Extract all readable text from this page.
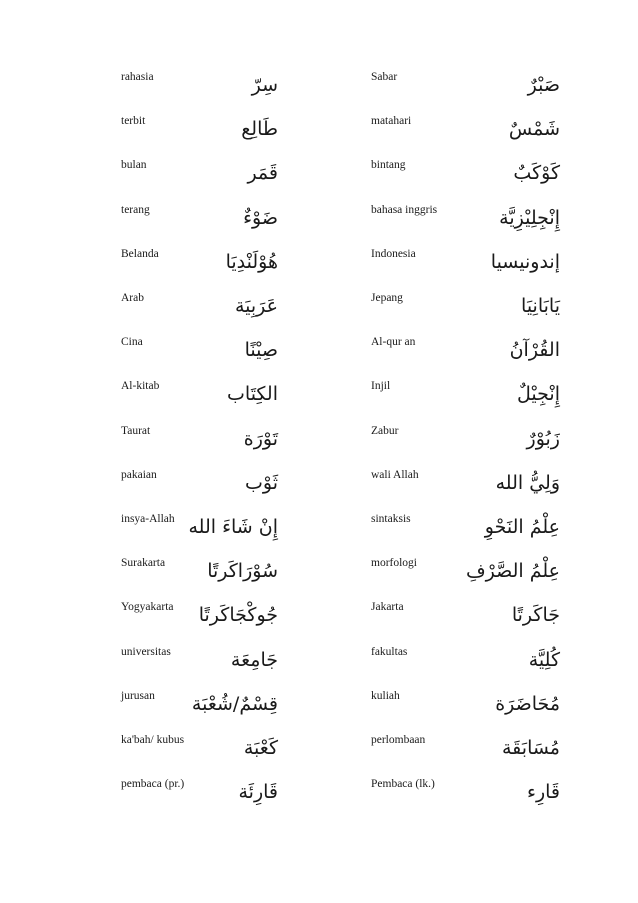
rahasia	سِرّ	Sabar	صَبْرٌ
terbit	طَالِع	matahari	شَمْسٌ
bulan	قَمَر	bintang	كَوْكَبٌ
terang	ضَوْءٌ	bahasa inggris	إِنْجِلِيْزِيَّة
Belanda	هُوْلَنْدِيَا	Indonesia	إندونيسيا
Arab	عَرَبِيَة	Jepang	يَابَانِيَا
Cina	صِيْنًا	Al-qur an	القُرْآنُ
Al-kitab	الكِتَاب	Injil	إِنْجِيْلٌ
Taurat	تَوْرَة	Zabur	زَبُوْرٌ
pakaian	ثَوْب	wali Allah	وَلِيُّ الله
insya-Allah إِنْ شَاءَ الله	sintaksis	عِلْمُ النَحْوِ
Surakarta سُوْرَاكَرتًا	morfologi	عِلْمُ الصَّرْفِ
Yogyakarta جُوكْجَاكَرتًا	Jakarta	جَاكَرتًا
universitas	جَامِعَة	fakultas	كُلِيَّة
jurusan قِسْمٌ/شُعْبَة	kuliah	مُحَاضَرَة
ka'bah/ kubus	كَعْبَة	perlombaan	مُسَابَقَة
pembaca (pr.)	قَارِئَة	Pembaca (lk.)	قَارِء
